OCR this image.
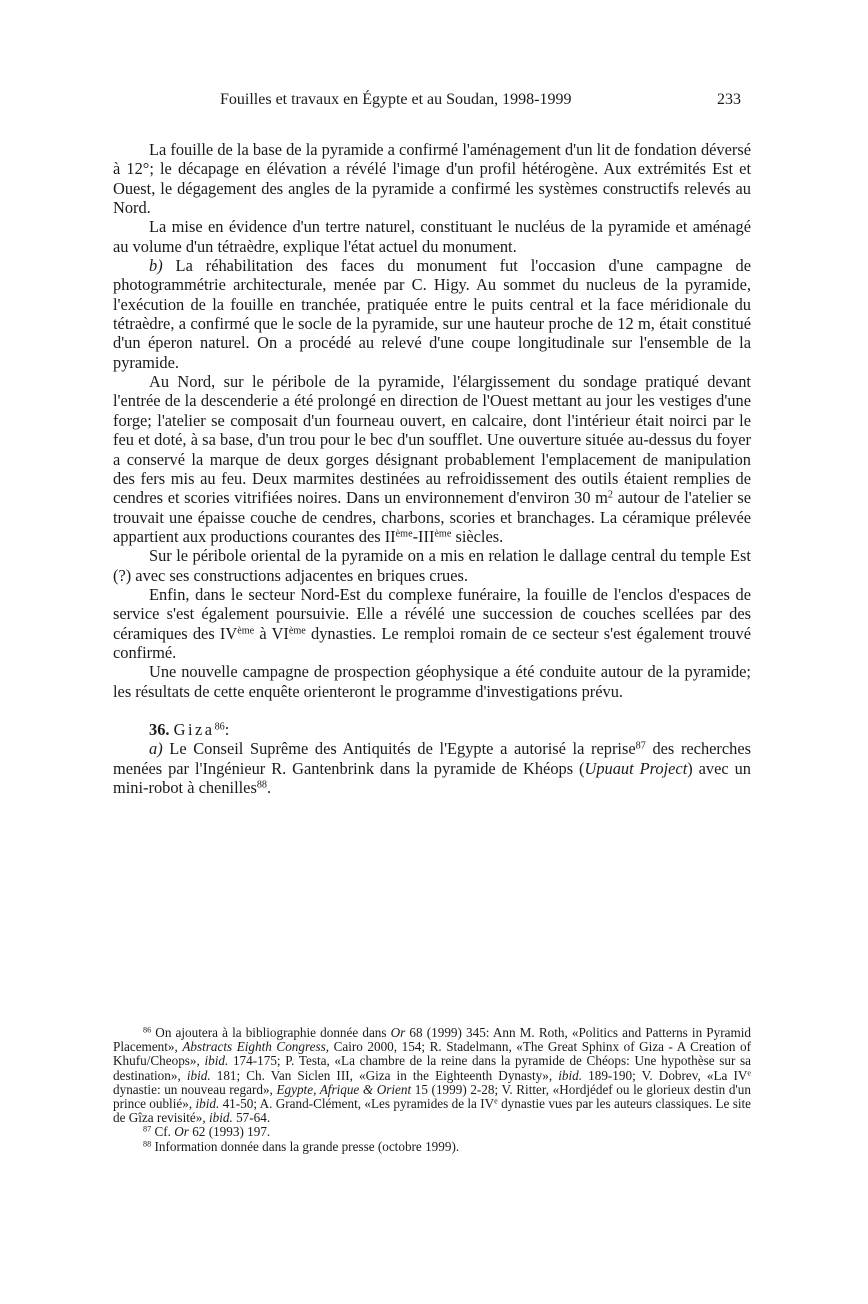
Fouilles et travaux en Égypte et au Soudan, 1998-1999	233

La fouille de la base de la pyramide a confirmé l'aménagement d'un lit de fondation déversé à 12°; le décapage en élévation a révélé l'image d'un profil hétérogène. Aux extrémités Est et Ouest, le dégagement des angles de la pyramide a confirmé les systèmes constructifs relevés au Nord.

La mise en évidence d'un tertre naturel, constituant le nucléus de la pyramide et aménagé au volume d'un tétraèdre, explique l'état actuel du monument.

b) La réhabilitation des faces du monument fut l'occasion d'une campagne de photogrammétrie architecturale, menée par C. Higy. Au sommet du nucleus de la pyramide, l'exécution de la fouille en tranchée, pratiquée entre le puits central et la face méridionale du tétraèdre, a confirmé que le socle de la pyramide, sur une hauteur proche de 12 m, était constitué d'un éperon naturel. On a procédé au relevé d'une coupe longitudinale sur l'ensemble de la pyramide.

Au Nord, sur le péribole de la pyramide, l'élargissement du sondage pratiqué devant l'entrée de la descenderie a été prolongé en direction de l'Ouest mettant au jour les vestiges d'une forge; l'atelier se composait d'un fourneau ouvert, en calcaire, dont l'intérieur était noirci par le feu et doté, à sa base, d'un trou pour le bec d'un soufflet. Une ouverture située au-dessus du foyer a conservé la marque de deux gorges désignant probablement l'emplacement de manipulation des fers mis au feu. Deux marmites destinées au refroidissement des outils étaient remplies de cendres et scories vitrifiées noires. Dans un environnement d'environ 30 $m^2$ autour de l'atelier se trouvait une épaisse couche de cendres, charbons, scories et branchages. La céramique prélevée appartient aux productions courantes des IIème-IIIème siècles.

Sur le péribole oriental de la pyramide on a mis en relation le dallage central du temple Est (?) avec ses constructions adjacentes en briques crues.

Enfin, dans le secteur Nord-Est du complexe funéraire, la fouille de l'enclos d'espaces de service s'est également poursuivie. Elle a révélé une succession de couches scellées par des céramiques des IVème à VIème dynasties. Le remploi romain de ce secteur s'est également trouvé confirmé.

Une nouvelle campagne de prospection géophysique a été conduite autour de la pyramide; les résultats de cette enquête orienteront le programme d'investigations prévu.

36. Giza$^{86}$:

a) Le Conseil Suprême des Antiquités de l'Egypte a autorisé la reprise$^{87}$ des recherches menées par l'Ingénieur R. Gantenbrink dans la pyramide de Khéops (Upuaut Project) avec un mini-robot à chenilles$^{88}$.

$^{86}$ On ajoutera à la bibliographie donnée dans Or 68 (1999) 345: Ann M. Roth, «Politics and Patterns in Pyramid Placement», Abstracts Eighth Congress, Cairo 2000, 154; R. Stadelmann, «The Great Sphinx of Giza - A Creation of Khufu/Cheops», ibid. 174-175; P. Testa, «La chambre de la reine dans la pyramide de Chéops: Une hypothèse sur sa destination», ibid. 181; Ch. Van Siclen III, «Giza in the Eighteenth Dynasty», ibid. 189-190; V. Dobrev, «La IVe dynastie: un nouveau regard», Egypte, Afrique & Orient 15 (1999) 2-28; V. Ritter, «Hordjédef ou le glorieux destin d'un prince oublié», ibid. 41-50; A. Grand-Clément, «Les pyramides de la IVe dynastie vues par les auteurs classiques. Le site de Gîza revisité», ibid. 57-64.

$^{87}$ Cf. Or 62 (1993) 197.

$^{88}$ Information donnée dans la grande presse (octobre 1999).
